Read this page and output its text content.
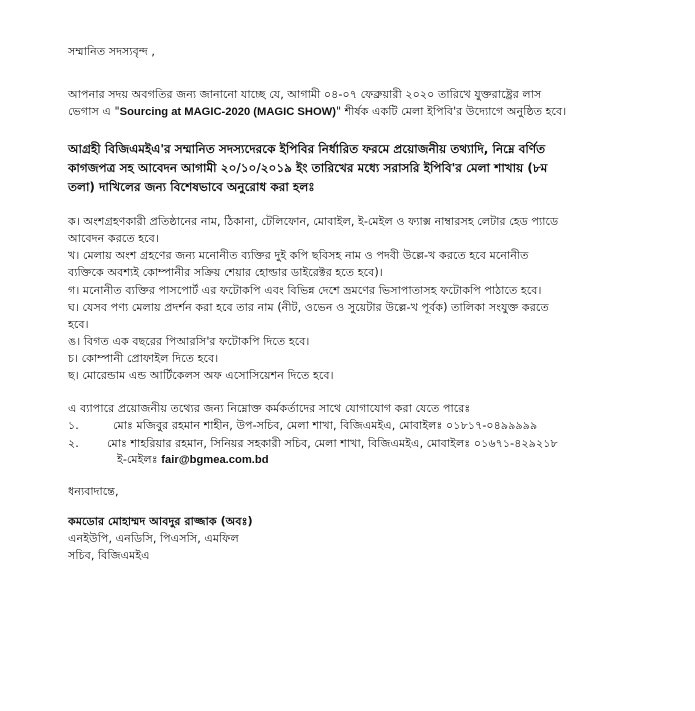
সম্মানিত সদস্যবৃন্দ ,
আপনার সদয় অবগতির জন্য জানানো যাচ্ছে যে, আগামী ০৪-০৭ ফেব্রুয়ারী ২০২০ তারিখে যুক্তরাষ্ট্রের লাস
ভেগাস এ "Sourcing at MAGIC-2020 (MAGIC SHOW)" শীর্ষক একটি মেলা ইপিবি'র উদ্যোগে অনুষ্ঠিত হবে।
আগ্রহী বিজিএমইএ'র সম্মানিত সদস্যদেরকে ইপিবির নির্ধারিত ফরমে প্রয়োজনীয় তথ্যাদি, নিম্নে বর্ণিত
কাগজপত্র সহ আবেদন আগামী ২০/১০/২০১৯ ইং তারিখের মধ্যে সরাসরি ইপিবি'র মেলা শাখায় (৮ম
তলা) দাখিলের জন্য বিশেষভাবে অনুরোধ করা হলঃ
ক। অংশগ্রহণকারী প্রতিষ্ঠানের নাম, ঠিকানা, টেলিফোন, মোবাইল, ই-মেইল ও ফ্যাক্স নাম্বারসহ লেটার হেড প্যাডে
আবেদন করতে হবে।
খ। মেলায় অংশ গ্রহণের জন্য মনোনীত ব্যক্তির দুই কপি ছবিসহ নাম ও পদবী উল্লে-খ করতে হবে মনোনীত
ব্যক্তিকে অবশ্যই কোম্পানীর সক্রিয় শেয়ার হোল্ডার ডাইরেক্টর হতে হবে)।
গ। মনোনীত ব্যক্তির পাসপোর্ট এর ফটোকপি এবং বিভিন্ন দেশে ভ্রমণের ভিসাপাতাসহ ফটোকপি পাঠাতে হবে।
ঘ। যেসব পণ্য মেলায় প্রদর্শন করা হবে তার নাম (নীট, ওভেন ও সুয়েটার উল্লে-খ পূর্বক) তালিকা সংযুক্ত করতে
হবে।
ঙ। বিগত এক বছরের পিআরসি'র ফটোকপি দিতে হবে।
চ। কোম্পানী প্রোফাইল দিতে হবে।
ছ। মোরেন্ডাম এন্ড আর্টিকেলস অফ এসোসিয়েশন দিতে হবে।
এ ব্যাপারে প্রয়োজনীয় তথ্যের জন্য নিম্নোক্ত কর্মকর্তাদের সাথে যোগাযোগ করা যেতে পারেঃ
১.	মোঃ মজিবুর রহমান শাহীন, উপ-সচিব, মেলা শাখা, বিজিএমইএ, মোবাইলঃ ০১৮১৭-০৪৯৯৯৯৯
২.	মোঃ শাহরিয়ার রহমান, সিনিয়র সহকারী সচিব, মেলা শাখা, বিজিএমইএ, মোবাইলঃ ০১৬৭১-৪২৯২১৮
ই-মেইলঃ fair@bgmea.com.bd
ধন্যবাদান্তে,
কমডোর মোহাম্মদ আবদুর রাজ্জাক (অবঃ)
এনইউপি, এনডিসি, পিএসসি, এমফিল
সচিব, বিজিএমইএ
